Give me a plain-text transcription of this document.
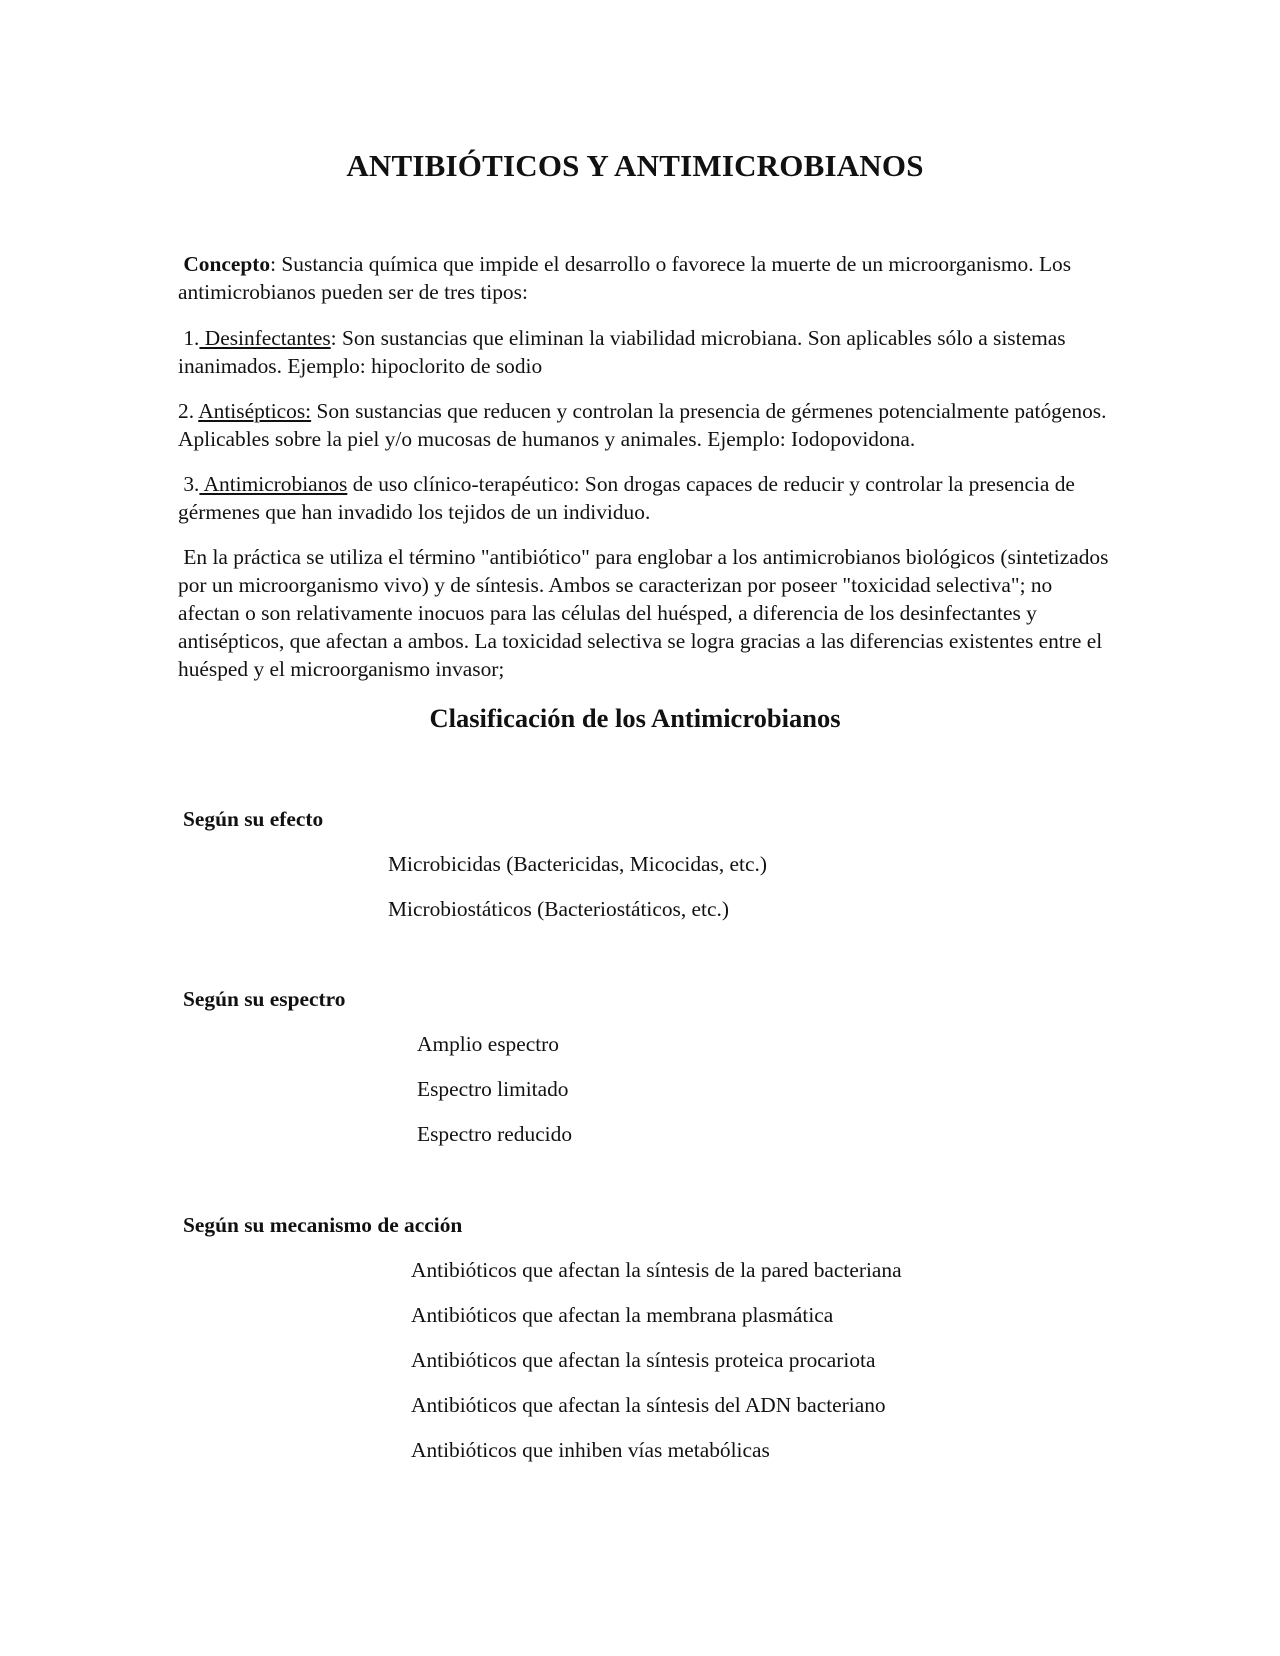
ANTIBIÓTICOS Y ANTIMICROBIANOS

Concepto: Sustancia química que impide el desarrollo o favorece la muerte de un microorganismo. Los antimicrobianos pueden ser de tres tipos:

1. Desinfectantes: Son sustancias que eliminan la viabilidad microbiana. Son aplicables sólo a sistemas inanimados. Ejemplo: hipoclorito de sodio

2. Antisépticos: Son sustancias que reducen y controlan la presencia de gérmenes potencialmente patógenos. Aplicables sobre la piel y/o mucosas de humanos y animales. Ejemplo: Iodopovidona.

3. Antimicrobianos de uso clínico-terapéutico: Son drogas capaces de reducir y controlar la presencia de gérmenes que han invadido los tejidos de un individuo.

En la práctica se utiliza el término "antibiótico" para englobar a los antimicrobianos biológicos (sintetizados por un microorganismo vivo) y de síntesis. Ambos se caracterizan por poseer "toxicidad selectiva"; no afectan o son relativamente inocuos para las células del huésped, a diferencia de los desinfectantes y antisépticos, que afectan a ambos. La toxicidad selectiva se logra gracias a las diferencias existentes entre el huésped y el microorganismo invasor;

Clasificación de los Antimicrobianos

Según su efecto

Microbicidas (Bactericidas, Micocidas, etc.)

Microbiostáticos (Bacteriostáticos, etc.)

Según su espectro

Amplio espectro

Espectro limitado

Espectro reducido

Según su mecanismo de acción

Antibióticos que afectan la síntesis de la pared bacteriana

Antibióticos que afectan la membrana plasmática

Antibióticos que afectan la síntesis proteica procariota

Antibióticos que afectan la síntesis del ADN bacteriano

Antibióticos que inhiben vías metabólicas
